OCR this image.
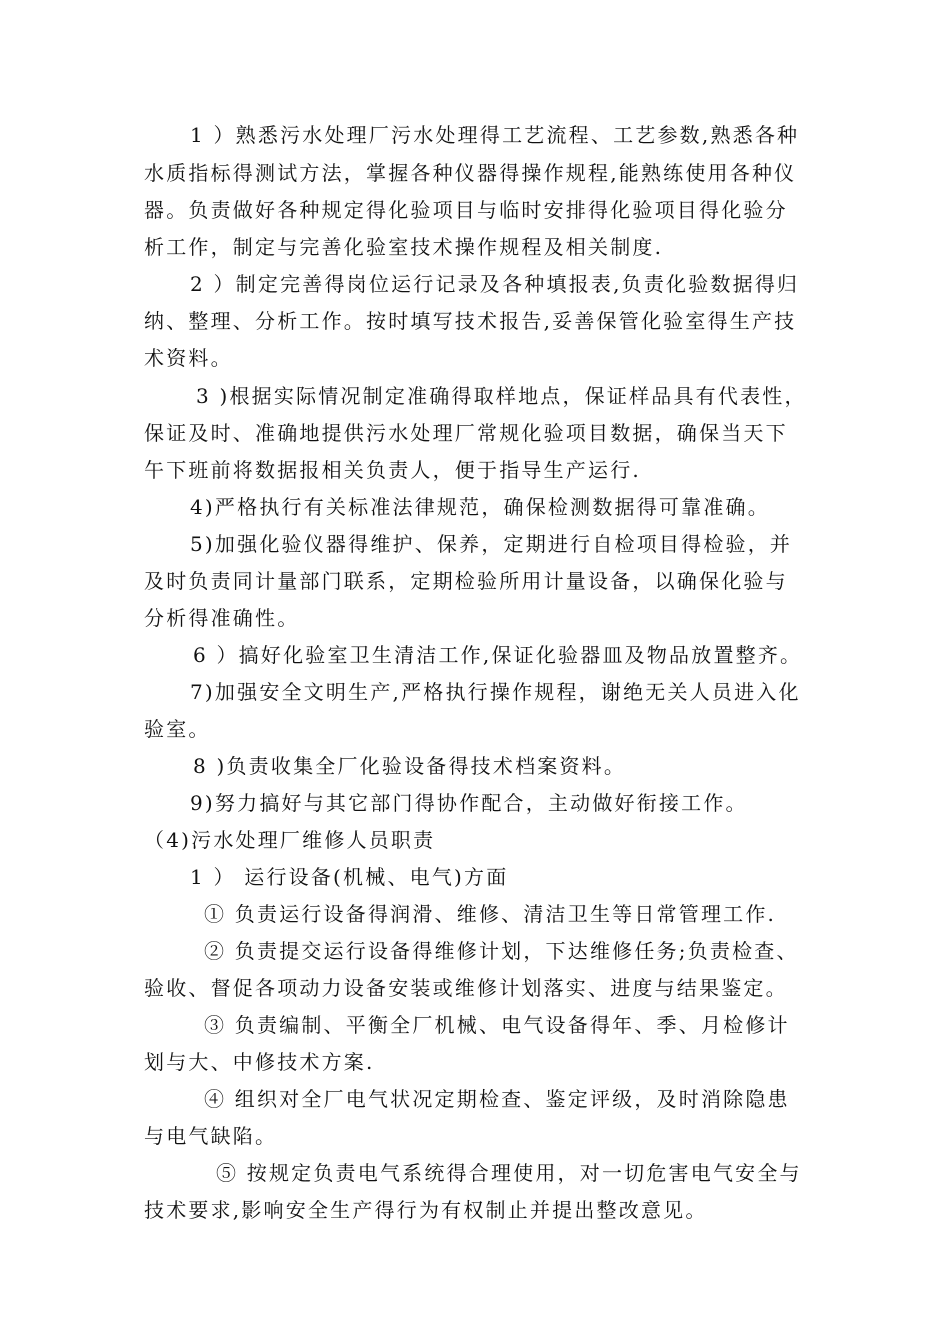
1 ）熟悉污水处理厂污水处理得工艺流程、工艺参数,熟悉各种
水质指标得测试方法，掌握各种仪器得操作规程,能熟练使用各种仪
器。负责做好各种规定得化验项目与临时安排得化验项目得化验分
析工作，制定与完善化验室技术操作规程及相关制度.
2 ）制定完善得岗位运行记录及各种填报表,负责化验数据得归
纳、整理、分析工作。按时填写技术报告,妥善保管化验室得生产技
术资料。
3 )根据实际情况制定准确得取样地点，保证样品具有代表性，
保证及时、准确地提供污水处理厂常规化验项目数据，确保当天下
午下班前将数据报相关负责人，便于指导生产运行.
4)严格执行有关标准法律规范，确保检测数据得可靠准确。
5)加强化验仪器得维护、保养，定期进行自检项目得检验，并
及时负责同计量部门联系，定期检验所用计量设备，以确保化验与
分析得准确性。
6 ）搞好化验室卫生清洁工作,保证化验器皿及物品放置整齐。
7)加强安全文明生产,严格执行操作规程，谢绝无关人员进入化
验室。
8 )负责收集全厂化验设备得技术档案资料。
9)努力搞好与其它部门得协作配合，主动做好衔接工作。
（4)污水处理厂维修人员职责
1 ） 运行设备(机械、电气)方面
① 负责运行设备得润滑、维修、清洁卫生等日常管理工作.
② 负责提交运行设备得维修计划，下达维修任务;负责检查、
验收、督促各项动力设备安装或维修计划落实、进度与结果鉴定。
③ 负责编制、平衡全厂机械、电气设备得年、季、月检修计
划与大、中修技术方案.
④ 组织对全厂电气状况定期检查、鉴定评级，及时消除隐患
与电气缺陷。
⑤ 按规定负责电气系统得合理使用，对一切危害电气安全与
技术要求,影响安全生产得行为有权制止并提出整改意见。
